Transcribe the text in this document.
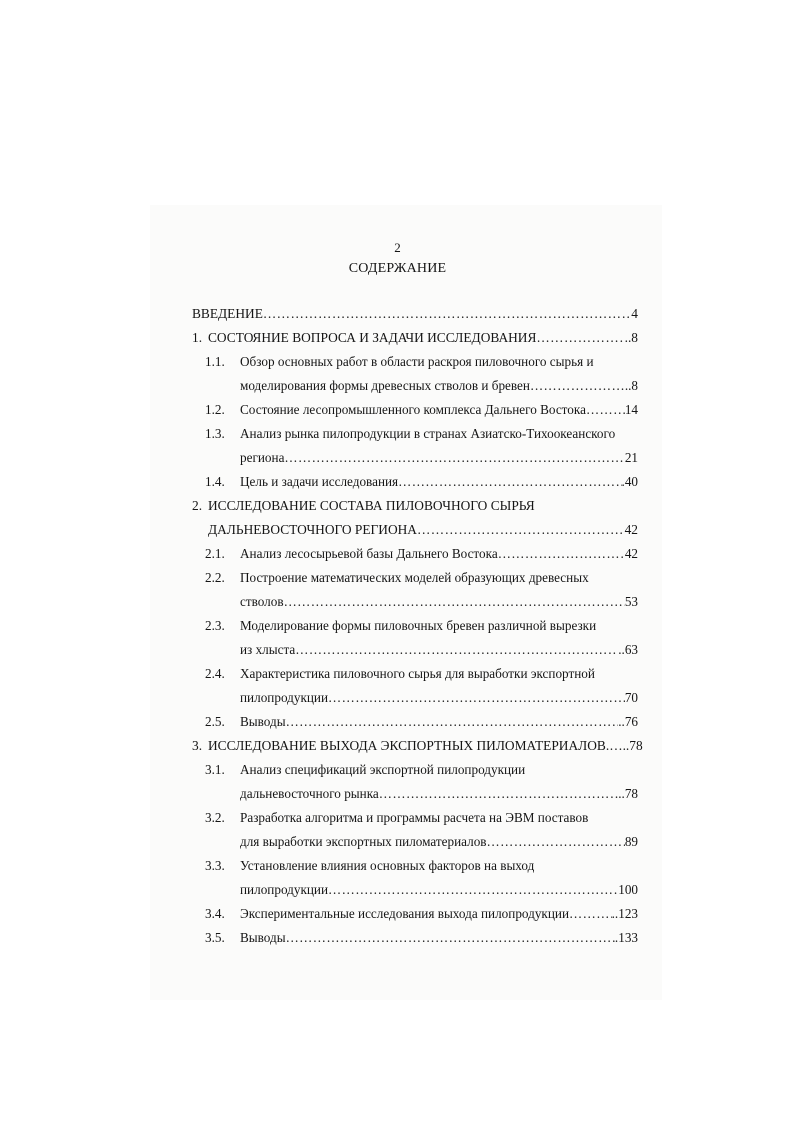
2
СОДЕРЖАНИЕ
ВВЕДЕНИЕ ………………………………………………………………………………………………………………………………………………………………………………	4
1. СОСТОЯНИЕ ВОПРОСА И ЗАДАЧИ ИССЛЕДОВАНИЯ ………………………………………………………………………………………………………………………………………………………………………………	..8
1.1.	Обзор основных работ в области раскроя пиловочного сырья и
моделирования формы древесных стволов и бревен ………………………………………………………………………………………………………………………………………………………………………………	..8
1.2.	Состояние лесопромышленного комплекса Дальнего Востока ………………………………………………………………………………………………………………………………………………………………………………	14
1.3.	Анализ рынка пилопродукции в странах Азиатско-Тихоокеанского
региона ………………………………………………………………………………………………………………………………………………………………………………	21
1.4.	Цель и задачи исследования ………………………………………………………………………………………………………………………………………………………………………………	.40
2. ИССЛЕДОВАНИЕ СОСТАВА ПИЛОВОЧНОГО СЫРЬЯ
ДАЛЬНЕВОСТОЧНОГО РЕГИОНА ………………………………………………………………………………………………………………………………………………………………………………	42
2.1.	Анализ лесосырьевой базы Дальнего Востока ………………………………………………………………………………………………………………………………………………………………………………	42
2.2.	Построение математических моделей образующих древесных
стволов ………………………………………………………………………………………………………………………………………………………………………………	53
2.3.	Моделирование формы пиловочных бревен различной вырезки
из хлыста ………………………………………………………………………………………………………………………………………………………………………………	..63
2.4.	Характеристика пиловочного сырья для выработки экспортной
пилопродукции ………………………………………………………………………………………………………………………………………………………………………………	70
2.5.	Выводы ………………………………………………………………………………………………………………………………………………………………………………	..76
3. ИССЛЕДОВАНИЕ ВЫХОДА ЭКСПОРТНЫХ ПИЛОМАТЕРИАЛОВ .…..78
3.1.	Анализ спецификаций экспортной пилопродукции
дальневосточного рынка ………………………………………………………………………………………………………………………………………………………………………………	...78
3.2.	Разработка алгоритма и программы расчета на ЭВМ поставов
для выработки экспортных пиломатериалов ………………………………………………………………………………………………………………………………………………………………………………	89
3.3.	Установление влияния основных факторов на выход
пилопродукции ………………………………………………………………………………………………………………………………………………………………………………	100
3.4.	Экспериментальные исследования выхода пилопродукции ………………………………………………………………………………………………………………………………………………………………………………	..123
3.5.	Выводы ………………………………………………………………………………………………………………………………………………………………………………	.133
